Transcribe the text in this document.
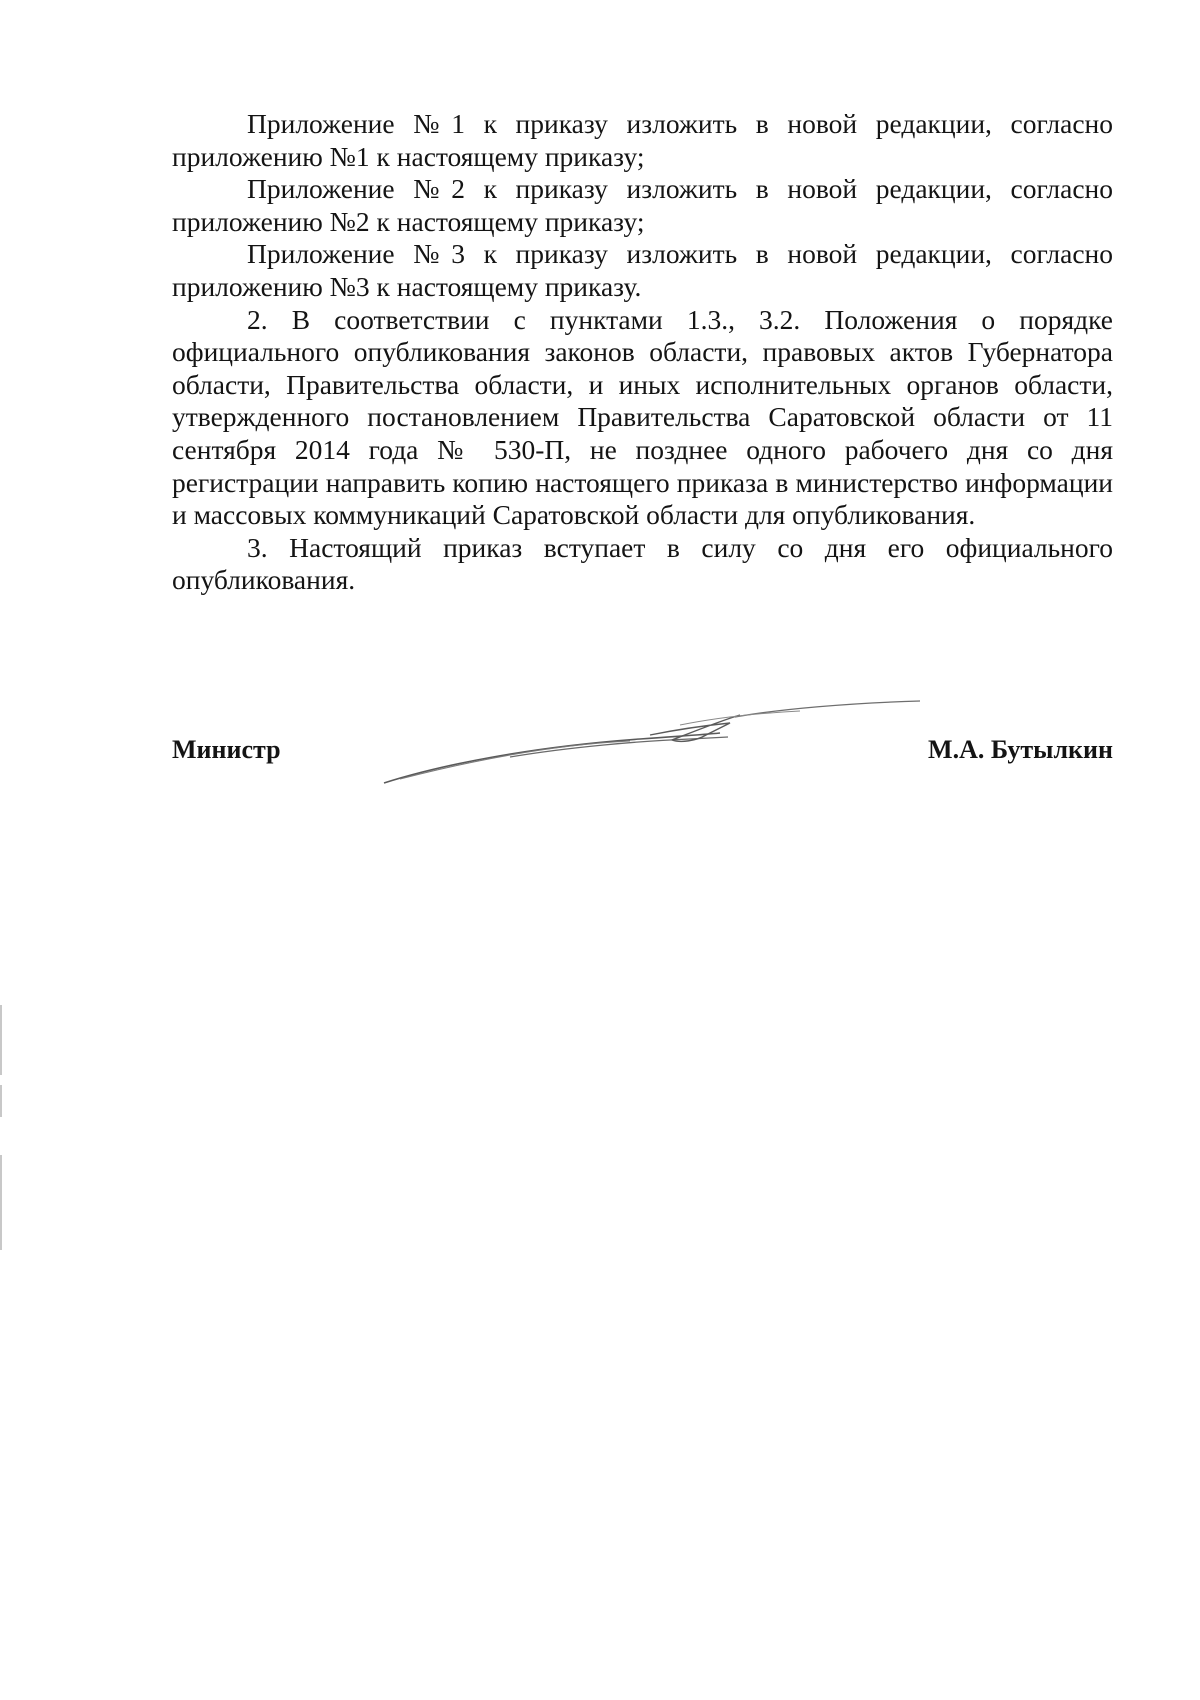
Приложение №1 к приказу изложить в новой редакции, согласно приложению №1 к настоящему приказу;

Приложение №2 к приказу изложить в новой редакции, согласно приложению №2 к настоящему приказу;

Приложение №3 к приказу изложить в новой редакции, согласно приложению №3 к настоящему приказу.

2. В соответствии с пунктами 1.3., 3.2. Положения о порядке официального опубликования законов области, правовых актов Губернатора области, Правительства области, и иных исполнительных органов области, утвержденного постановлением Правительства Саратовской области от 11 сентября 2014 года № 530-П, не позднее одного рабочего дня со дня регистрации направить копию настоящего приказа в министерство информации и массовых коммуникаций Саратовской области для опубликования.

3. Настоящий приказ вступает в силу со дня его официального опубликования.

Министр	М.А. Бутылкин
